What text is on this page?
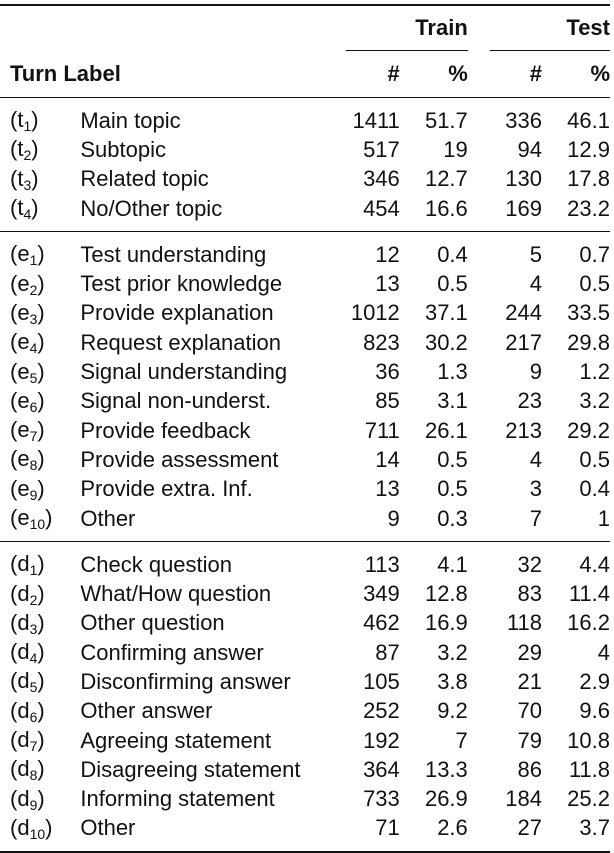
		Train			Test	

Turn Label		#	%		#	%

$(t_1)$	Main topic	1411	51.7		336	46.1
$(t_2)$	Subtopic	517	19		94	12.9
$(t_3)$	Related topic	346	12.7		130	17.8
$(t_4)$	No/Other topic	454	16.6		169	23.2

$(e_1)$	Test understanding	12	0.4		5	0.7
$(e_2)$	Test prior knowledge	13	0.5		4	0.5
$(e_3)$	Provide explanation	1012	37.1		244	33.5
$(e_4)$	Request explanation	823	30.2		217	29.8
$(e_5)$	Signal understanding	36	1.3		9	1.2
$(e_6)$	Signal non-underst.	85	3.1		23	3.2
$(e_7)$	Provide feedback	711	26.1		213	29.2
$(e_8)$	Provide assessment	14	0.5		4	0.5
$(e_9)$	Provide extra. Inf.	13	0.5		3	0.4
$(e_{10})$	Other	9	0.3		7	1

$(d_1)$	Check question	113	4.1		32	4.4
$(d_2)$	What/How question	349	12.8		83	11.4
$(d_3)$	Other question	462	16.9		118	16.2
$(d_4)$	Confirming answer	87	3.2		29	4
$(d_5)$	Disconfirming answer	105	3.8		21	2.9
$(d_6)$	Other answer	252	9.2		70	9.6
$(d_7)$	Agreeing statement	192	7		79	10.8
$(d_8)$	Disagreeing statement	364	13.3		86	11.8
$(d_9)$	Informing statement	733	26.9		184	25.2
$(d_{10})$	Other	71	2.6		27	3.7
